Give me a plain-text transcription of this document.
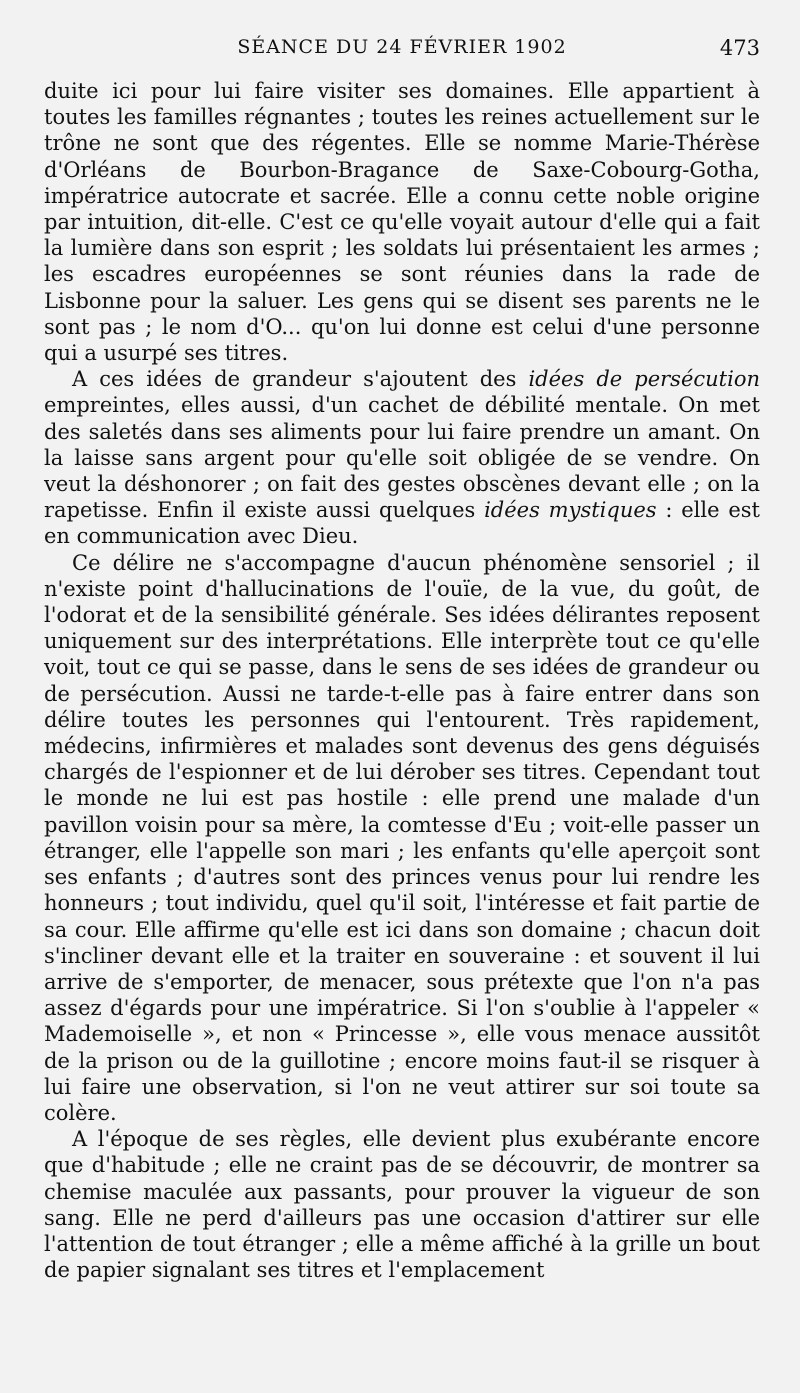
SÉANCE DU 24 FÉVRIER 1902	473

duite ici pour lui faire visiter ses domaines. Elle appartient à toutes les familles régnantes ; toutes les reines actuellement sur le trône ne sont que des régentes. Elle se nomme Marie-Thérèse d'Orléans de Bourbon-Bragance de Saxe-Cobourg-Gotha, impératrice autocrate et sacrée. Elle a connu cette noble origine par intuition, dit-elle. C'est ce qu'elle voyait autour d'elle qui a fait la lumière dans son esprit ; les soldats lui présentaient les armes ; les escadres européennes se sont réunies dans la rade de Lisbonne pour la saluer. Les gens qui se disent ses parents ne le sont pas ; le nom d'O... qu'on lui donne est celui d'une personne qui a usurpé ses titres.

A ces idées de grandeur s'ajoutent des idées de persécution empreintes, elles aussi, d'un cachet de débilité mentale. On met des saletés dans ses aliments pour lui faire prendre un amant. On la laisse sans argent pour qu'elle soit obligée de se vendre. On veut la déshonorer ; on fait des gestes obscènes devant elle ; on la rapetisse. Enfin il existe aussi quelques idées mystiques : elle est en communication avec Dieu.

Ce délire ne s'accompagne d'aucun phénomène sensoriel ; il n'existe point d'hallucinations de l'ouïe, de la vue, du goût, de l'odorat et de la sensibilité générale. Ses idées délirantes reposent uniquement sur des interprétations. Elle interprète tout ce qu'elle voit, tout ce qui se passe, dans le sens de ses idées de grandeur ou de persécution. Aussi ne tarde-t-elle pas à faire entrer dans son délire toutes les personnes qui l'entourent. Très rapidement, médecins, infirmières et malades sont devenus des gens déguisés chargés de l'espionner et de lui dérober ses titres. Cependant tout le monde ne lui est pas hostile : elle prend une malade d'un pavillon voisin pour sa mère, la comtesse d'Eu ; voit-elle passer un étranger, elle l'appelle son mari ; les enfants qu'elle aperçoit sont ses enfants ; d'autres sont des princes venus pour lui rendre les honneurs ; tout individu, quel qu'il soit, l'intéresse et fait partie de sa cour. Elle affirme qu'elle est ici dans son domaine ; chacun doit s'incliner devant elle et la traiter en souveraine : et souvent il lui arrive de s'emporter, de menacer, sous prétexte que l'on n'a pas assez d'égards pour une impératrice. Si l'on s'oublie à l'appeler « Mademoiselle », et non « Princesse », elle vous menace aussitôt de la prison ou de la guillotine ; encore moins faut-il se risquer à lui faire une observation, si l'on ne veut attirer sur soi toute sa colère.

A l'époque de ses règles, elle devient plus exubérante encore que d'habitude ; elle ne craint pas de se découvrir, de montrer sa chemise maculée aux passants, pour prouver la vigueur de son sang. Elle ne perd d'ailleurs pas une occasion d'attirer sur elle l'attention de tout étranger ; elle a même affiché à la grille un bout de papier signalant ses titres et l'emplacement
